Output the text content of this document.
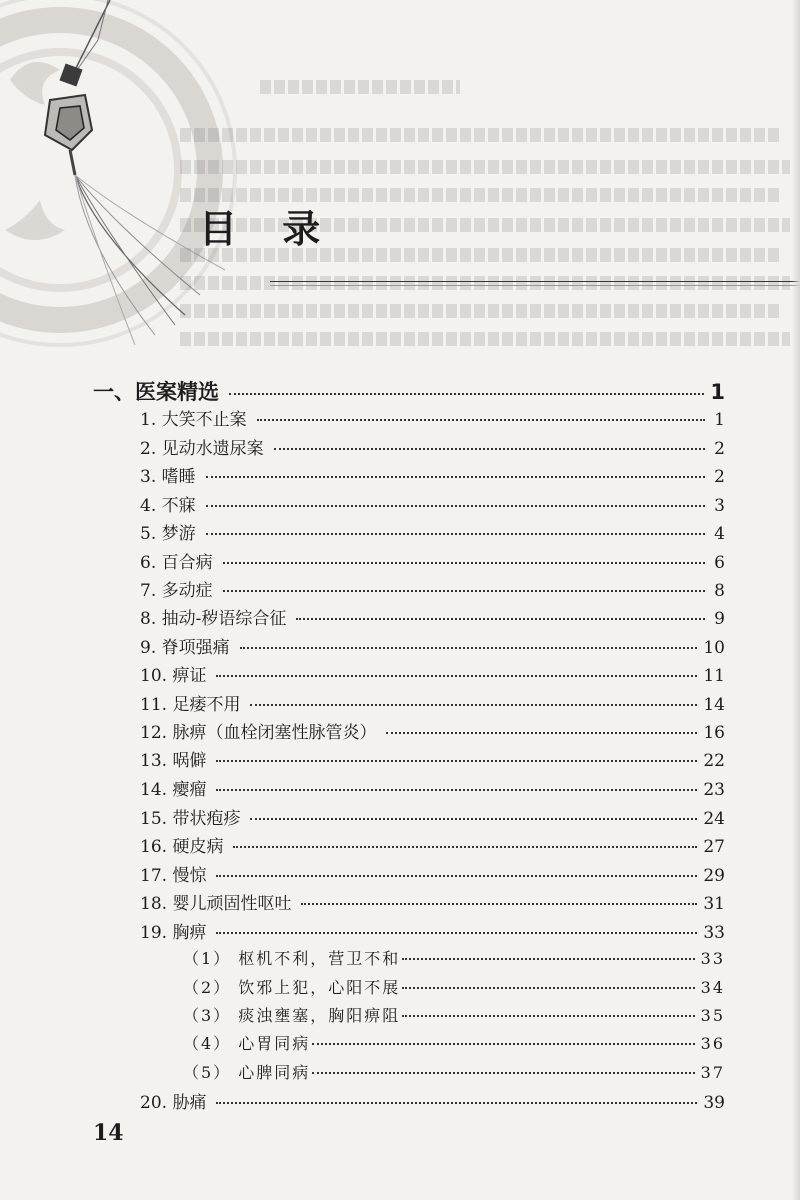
目 录
一、医案精选	1
1. 大笑不止案	1
2. 见动水遗尿案	2
3. 嗜睡	2
4. 不寐	3
5. 梦游	4
6. 百合病	6
7. 多动症	8
8. 抽动-秽语综合征	9
9. 脊项强痛	10
10. 痹证	11
11. 足痿不用	14
12. 脉痹（血栓闭塞性脉管炎）	16
13. 㖞僻	22
14. 瘿瘤	23
15. 带状疱疹	24
16. 硬皮病	27
17. 慢惊	29
18. 婴儿顽固性呕吐	31
19. 胸痹	33
（1） 枢机不利，营卫不和	33
（2） 饮邪上犯，心阳不展	34
（3） 痰浊壅塞，胸阳痹阻	35
（4） 心胃同病	36
（5） 心脾同病	37
20. 胁痛	39
14
